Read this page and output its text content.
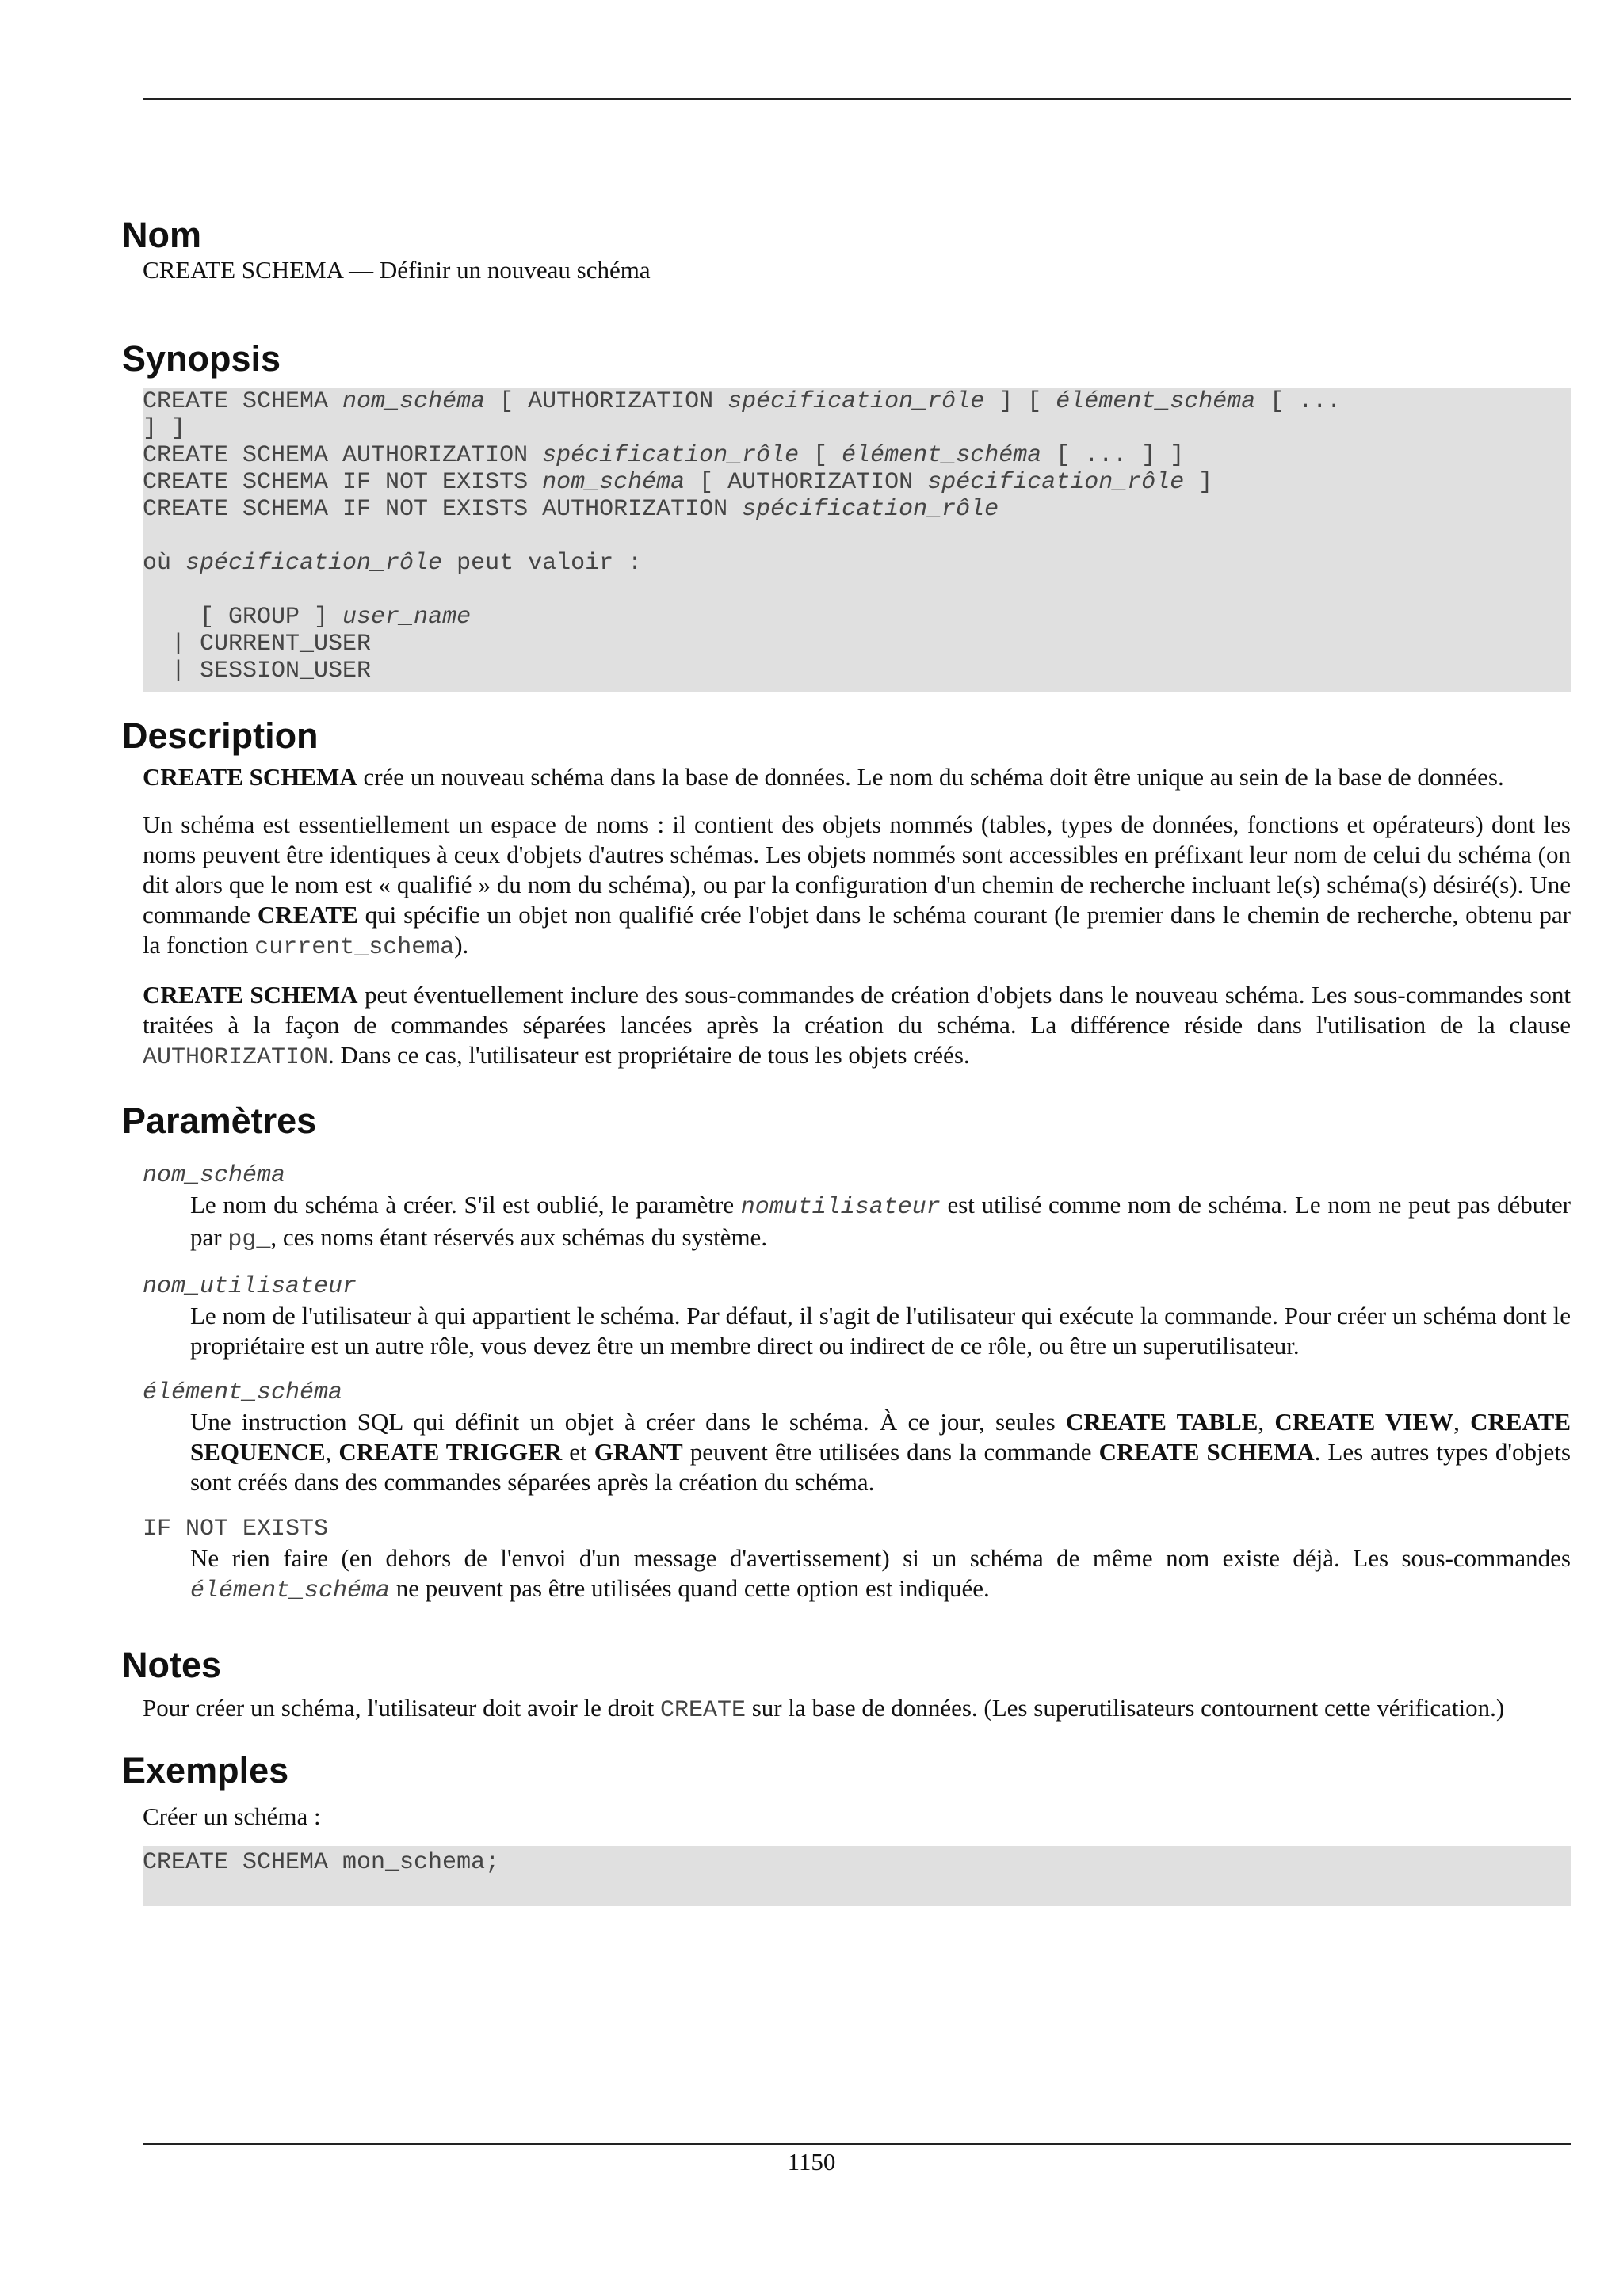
Nom

CREATE SCHEMA — Définir un nouveau schéma

Synopsis
CREATE SCHEMA nom_schéma [ AUTHORIZATION spécification_rôle ] [ élément_schéma [ ...
] ]
CREATE SCHEMA AUTHORIZATION spécification_rôle [ élément_schéma [ ... ] ]
CREATE SCHEMA IF NOT EXISTS nom_schéma [ AUTHORIZATION spécification_rôle ]
CREATE SCHEMA IF NOT EXISTS AUTHORIZATION spécification_rôle

où spécification_rôle peut valoir :

[ GROUP ] user_name
| CURRENT_USER
| SESSION_USER
Description

CREATE SCHEMA crée un nouveau schéma dans la base de données. Le nom du schéma doit être unique au sein de la base de données.

Un schéma est essentiellement un espace de noms : il contient des objets nommés (tables, types de données, fonctions et opérateurs) dont les noms peuvent être identiques à ceux d'objets d'autres schémas. Les objets nommés sont accessibles en préfixant leur nom de celui du schéma (on dit alors que le nom est « qualifié » du nom du schéma), ou par la configuration d'un chemin de recherche incluant le(s) schéma(s) désiré(s). Une commande CREATE qui spécifie un objet non qualifié crée l'objet dans le schéma courant (le premier dans le chemin de recherche, obtenu par la fonction current_schema).

CREATE SCHEMA peut éventuellement inclure des sous-commandes de création d'objets dans le nouveau schéma. Les sous-commandes sont traitées à la façon de commandes séparées lancées après la création du schéma. La différence réside dans l'utilisation de la clause AUTHORIZATION. Dans ce cas, l'utilisateur est propriétaire de tous les objets créés.

Paramètres
nom_schéma
Le nom du schéma à créer. S'il est oublié, le paramètre nomutilisateur est utilisé comme nom de schéma. Le nom ne peut pas débuter par pg_, ces noms étant réservés aux schémas du système.
nom_utilisateur
Le nom de l'utilisateur à qui appartient le schéma. Par défaut, il s'agit de l'utilisateur qui exécute la commande. Pour créer un schéma dont le propriétaire est un autre rôle, vous devez être un membre direct ou indirect de ce rôle, ou être un superutilisateur.
élément_schéma
Une instruction SQL qui définit un objet à créer dans le schéma. À ce jour, seules CREATE TABLE, CREATE VIEW, CREATE SEQUENCE, CREATE TRIGGER et GRANT peuvent être utilisées dans la commande CREATE SCHEMA. Les autres types d'objets sont créés dans des commandes séparées après la création du schéma.
IF NOT EXISTS
Ne rien faire (en dehors de l'envoi d'un message d'avertissement) si un schéma de même nom existe déjà. Les sous-commandes élément_schéma ne peuvent pas être utilisées quand cette option est indiquée.
Notes

Pour créer un schéma, l'utilisateur doit avoir le droit CREATE sur la base de données. (Les superutilisateurs contournent cette vérification.)

Exemples

Créer un schéma :

CREATE SCHEMA mon_schema;
1150
